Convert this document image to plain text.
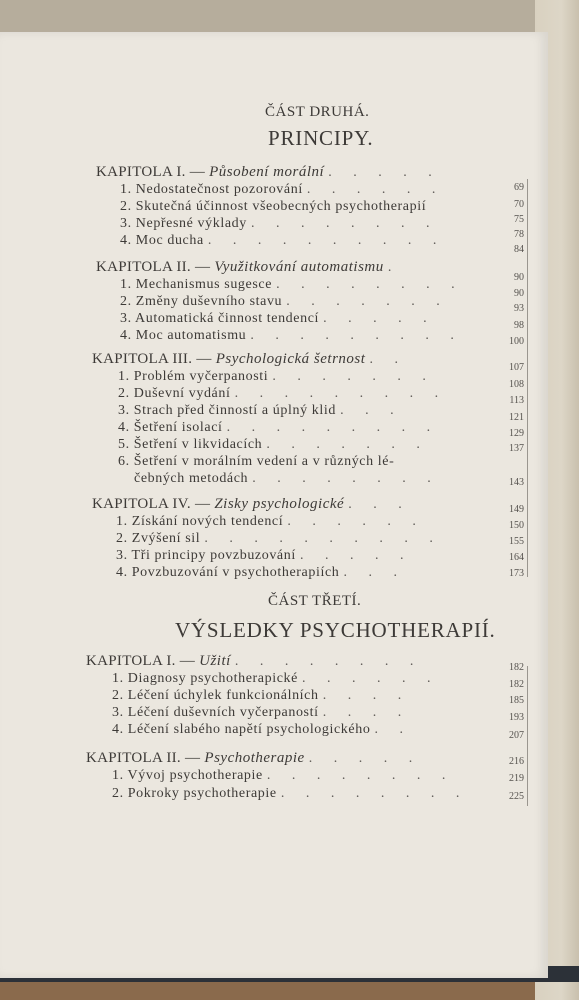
ČÁST DRUHÁ.
PRINCIPY.
KAPITOLA I. — Působení morální . . . . .
1. Nedostatečnost pozorování . . . . . .
2. Skutečná účinnost všeobecných psychotherapií
3. Nepřesné výklady . . . . . . . .
4. Moc ducha . . . . . . . . . .
KAPITOLA II. — Využitkování automatismu .
1. Mechanismus sugesce . . . . . . . .
2. Změny duševního stavu . . . . . . .
3. Automatická činnost tendencí . . . . .
4. Moc automatismu . . . . . . . . .
KAPITOLA III. — Psychologická šetrnost . .
1. Problém vyčerpanosti . . . . . . .
2. Duševní vydání . . . . . . . . .
3. Strach před činností a úplný klid . . .
4. Šetření isolací . . . . . . . . .
5. Šetření v likvidacích . . . . . . .
6. Šetření v morálním vedení a v různých lé-
čebných metodách . . . . . . . .
KAPITOLA IV. — Zisky psychologické . . .
1. Získání nových tendencí . . . . . .
2. Zvýšení sil . . . . . . . . . .
3. Tři principy povzbuzování . . . . .
4. Povzbuzování v psychotherapiích . . .
ČÁST TŘETÍ.
VÝSLEDKY PSYCHOTHERAPIÍ.
KAPITOLA I. — Užití . . . . . . . .
1. Diagnosy psychotherapické . . . . . .
2. Léčení úchylek funkcionálních . . . .
3. Léčení duševních vyčerpaností . . . .
4. Léčení slabého napětí psychologického . .
KAPITOLA II. — Psychotherapie . . . . .
1. Vývoj psychotherapie . . . . . . . .
2. Pokroky psychotherapie . . . . . . . .
69
70
75
78
84
90
90
93
98
100
107
108
113
121
129
137
143
149
150
155
164
173
182
182
185
193
207
216
219
225
